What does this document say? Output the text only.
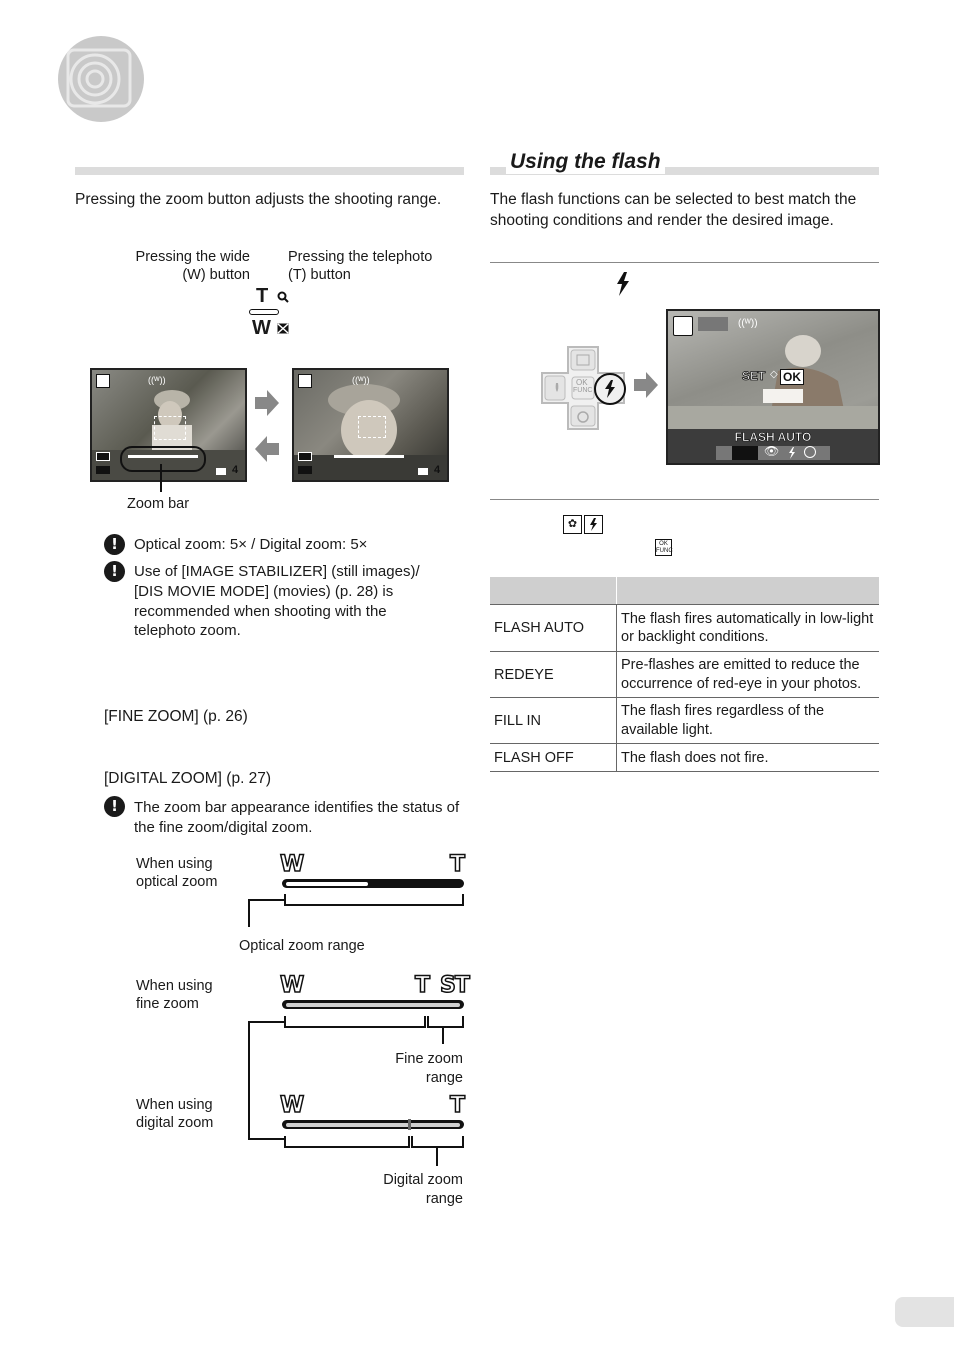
Pressing the zoom button adjusts the shooting range.
Pressing the wide
(W) button
Pressing the telephoto
(T) button
T
W
((ᵂ))
4
((ᵂ))
4
Zoom bar
!	Optical zoom: 5× / Digital zoom: 5×
!	Use of [IMAGE STABILIZER] (still images)/ [DIS MOVIE MODE] (movies) (p. 28) is recommended when shooting with the telephoto zoom.
[FINE ZOOM] (p. 26)
[DIGITAL ZOOM] (p. 27)
!	The zoom bar appearance identifies the status of the fine zoom/digital zoom.
When using
optical zoom
W	T
Optical zoom range
When using
fine zoom
W	T ST
Fine zoom
range
When using
digital zoom
W	T
Digital zoom
range
Using the flash
The flash functions can be selected to best match the shooting conditions and render the desired image.
OK
FUNC
((ᵂ))
SET ◇ OK
FLASH AUTO
👁
✿
OK
FUNC

FLASH AUTO	The flash fires automatically in low-light or backlight conditions.
REDEYE	Pre-flashes are emitted to reduce the occurrence of red-eye in your photos.
FILL IN	The flash fires regardless of the available light.
FLASH OFF	The flash does not fire.
